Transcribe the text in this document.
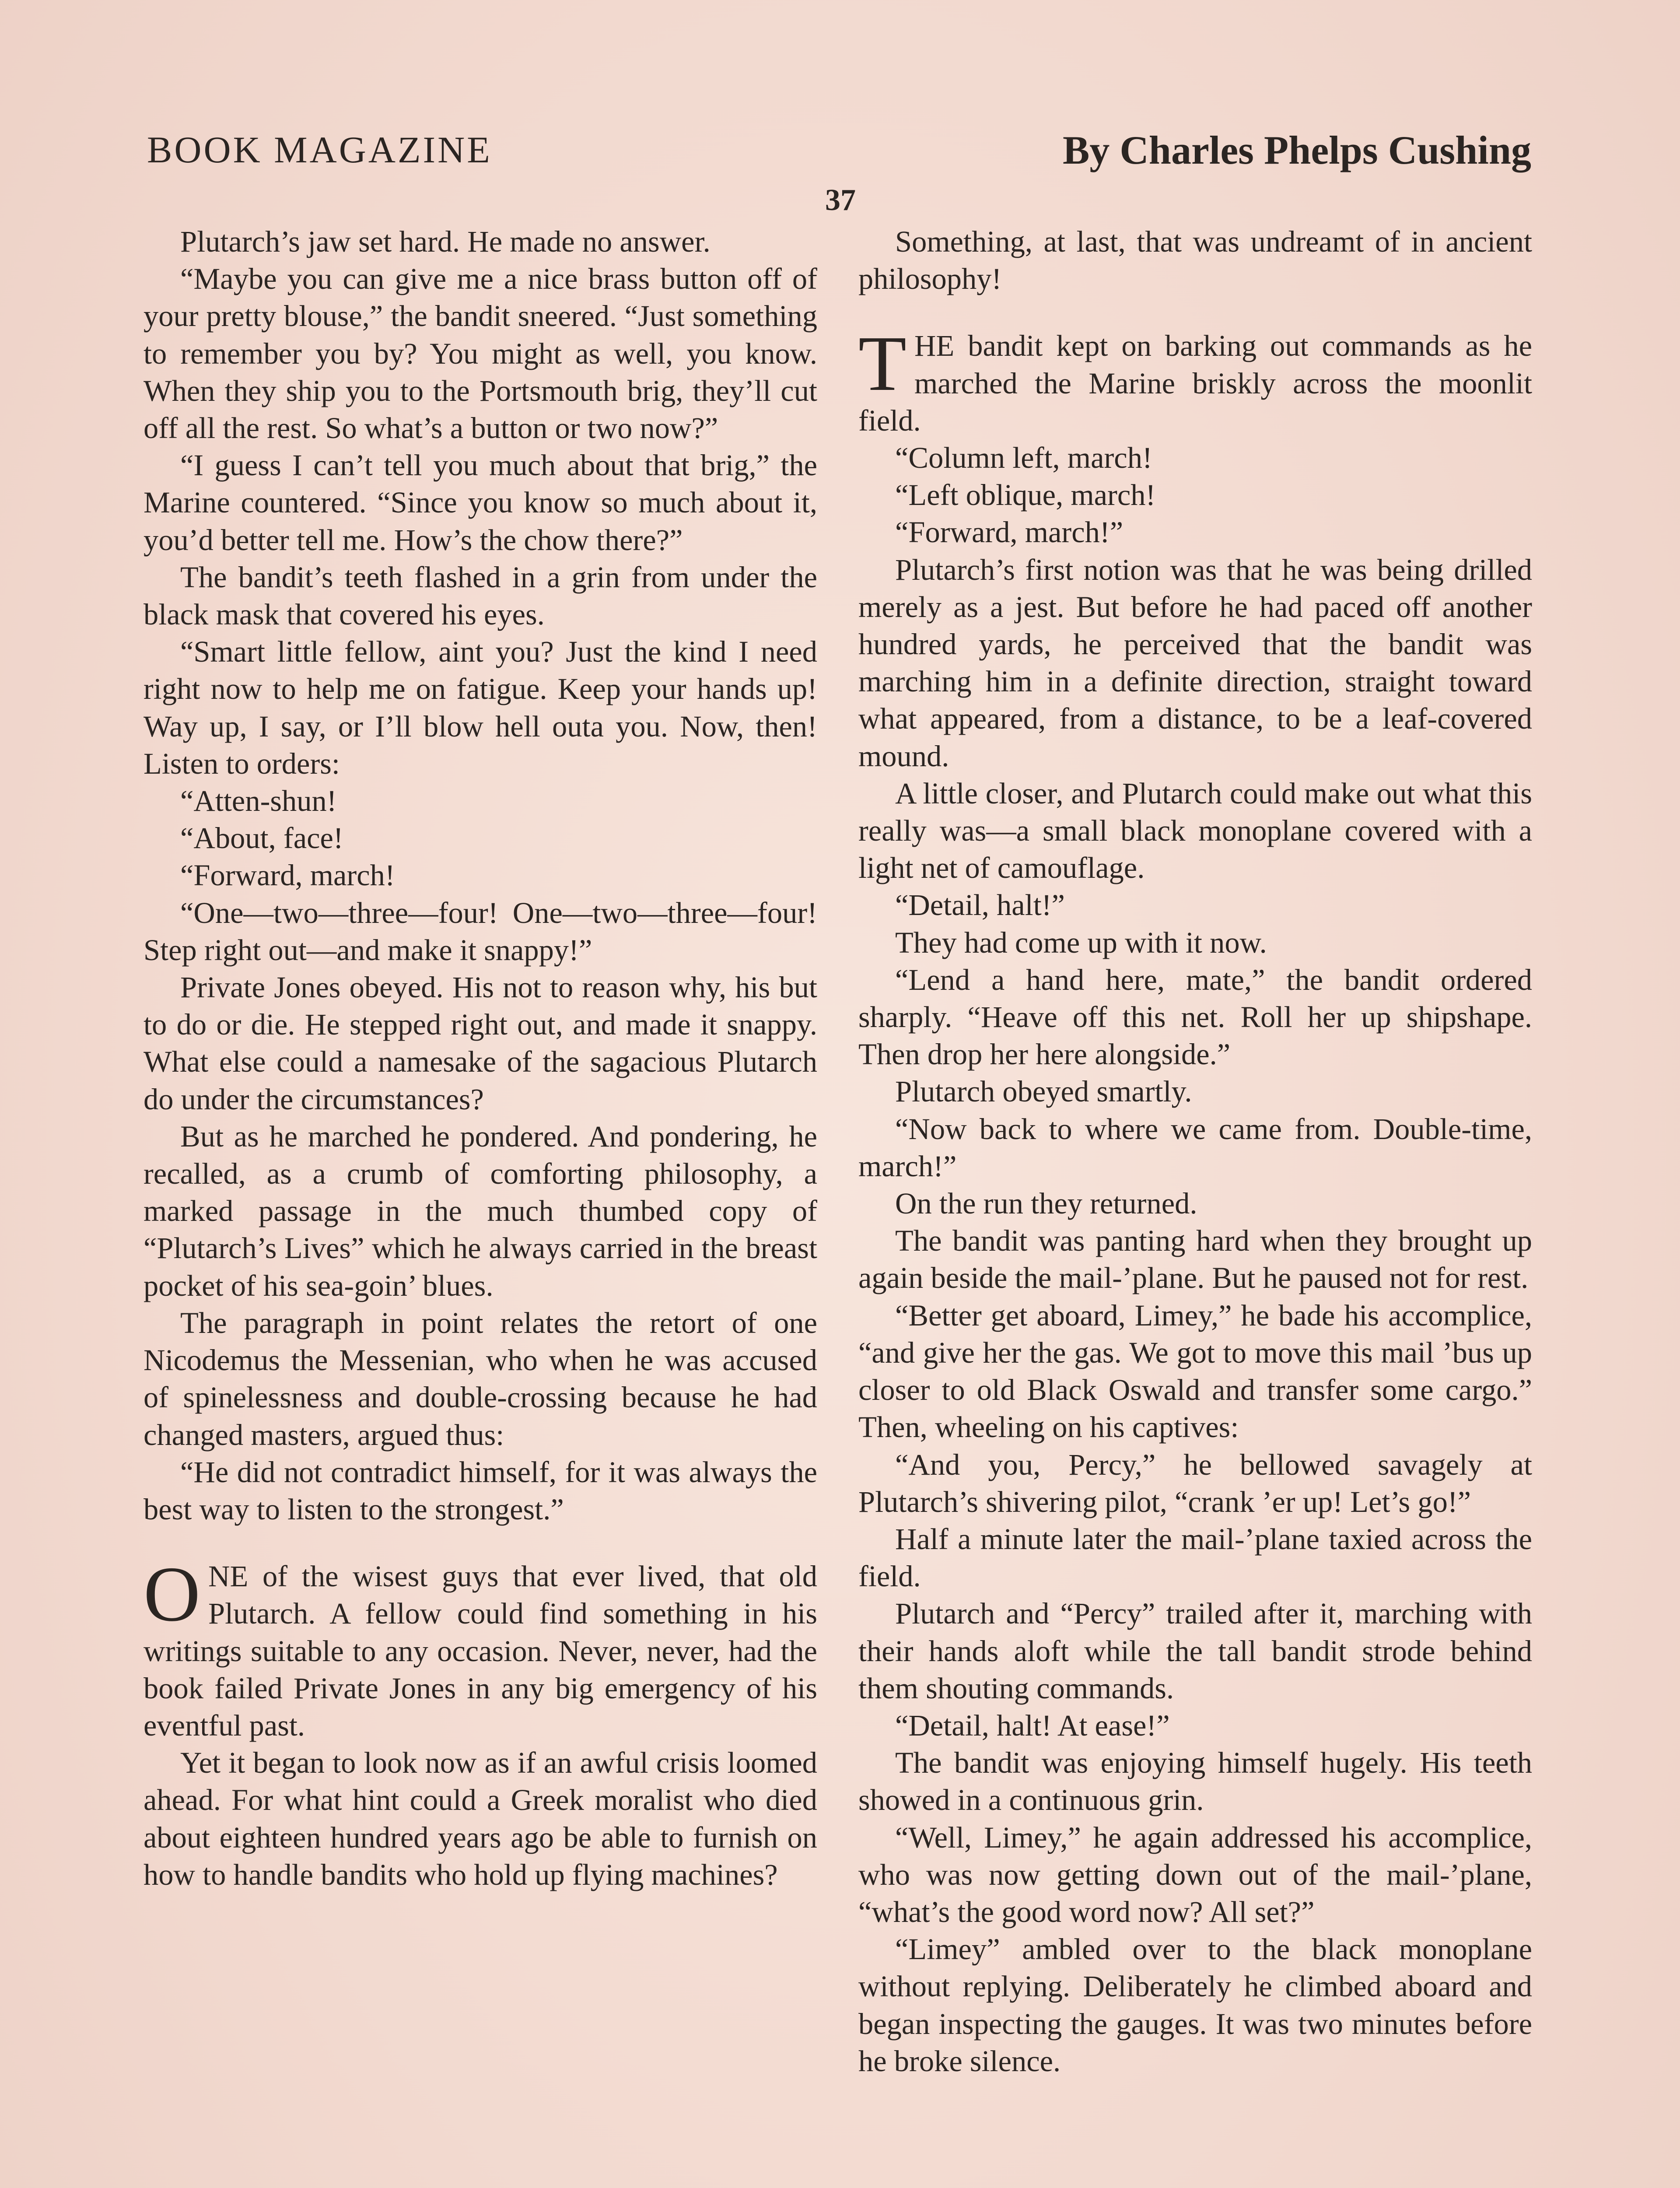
BOOK MAGAZINE	By Charles Phelps Cushing
37

Plutarch’s jaw set hard. He made no answer.

“Maybe you can give me a nice brass button off of your pretty blouse,” the bandit sneered. “Just something to remember you by? You might as well, you know. When they ship you to the Portsmouth brig, they’ll cut off all the rest. So what’s a button or two now?”

“I guess I can’t tell you much about that brig,” the Marine countered. “Since you know so much about it, you’d better tell me. How’s the chow there?”

The bandit’s teeth flashed in a grin from under the black mask that covered his eyes.

“Smart little fellow, aint you? Just the kind I need right now to help me on fatigue. Keep your hands up! Way up, I say, or I’ll blow hell outa you. Now, then! Listen to orders:

“Atten-shun!

“About, face!

“Forward, march!

“One—two—three—four! One—two—three—four! Step right out—and make it snappy!”

Private Jones obeyed. His not to reason why, his but to do or die. He stepped right out, and made it snappy. What else could a namesake of the sagacious Plutarch do under the circumstances?

But as he marched he pondered. And pondering, he recalled, as a crumb of comforting philosophy, a marked passage in the much thumbed copy of “Plutarch’s Lives” which he always carried in the breast pocket of his sea-goin’ blues.

The paragraph in point relates the retort of one Nicodemus the Messenian, who when he was accused of spinelessness and double-crossing because he had changed masters, argued thus:

“He did not contradict himself, for it was always the best way to listen to the strongest.”

ONE of the wisest guys that ever lived, that old Plutarch. A fellow could find something in his writings suitable to any occasion. Never, never, had the book failed Private Jones in any big emergency of his eventful past.

Yet it began to look now as if an awful crisis loomed ahead. For what hint could a Greek moralist who died about eighteen hundred years ago be able to furnish on how to handle bandits who hold up flying machines?

Something, at last, that was undreamt of in ancient philosophy!

THE bandit kept on barking out commands as he marched the Marine briskly across the moonlit field.

“Column left, march!

“Left oblique, march!

“Forward, march!”

Plutarch’s first notion was that he was being drilled merely as a jest. But before he had paced off another hundred yards, he perceived that the bandit was marching him in a definite direction, straight toward what appeared, from a distance, to be a leaf-covered mound.

A little closer, and Plutarch could make out what this really was—a small black monoplane covered with a light net of camouflage.

“Detail, halt!”

They had come up with it now.

“Lend a hand here, mate,” the bandit ordered sharply. “Heave off this net. Roll her up shipshape. Then drop her here alongside.”

Plutarch obeyed smartly.

“Now back to where we came from. Double-time, march!”

On the run they returned.

The bandit was panting hard when they brought up again beside the mail-’plane. But he paused not for rest.

“Better get aboard, Limey,” he bade his accomplice, “and give her the gas. We got to move this mail ’bus up closer to old Black Oswald and transfer some cargo.” Then, wheeling on his captives:

“And you, Percy,” he bellowed savagely at Plutarch’s shivering pilot, “crank ’er up! Let’s go!”

Half a minute later the mail-’plane taxied across the field.

Plutarch and “Percy” trailed after it, marching with their hands aloft while the tall bandit strode behind them shouting commands.

“Detail, halt! At ease!”

The bandit was enjoying himself hugely. His teeth showed in a continuous grin.

“Well, Limey,” he again addressed his accomplice, who was now getting down out of the mail-’plane, “what’s the good word now? All set?”

“Limey” ambled over to the black monoplane without replying. Deliberately he climbed aboard and began inspecting the gauges. It was two minutes before he broke silence.
